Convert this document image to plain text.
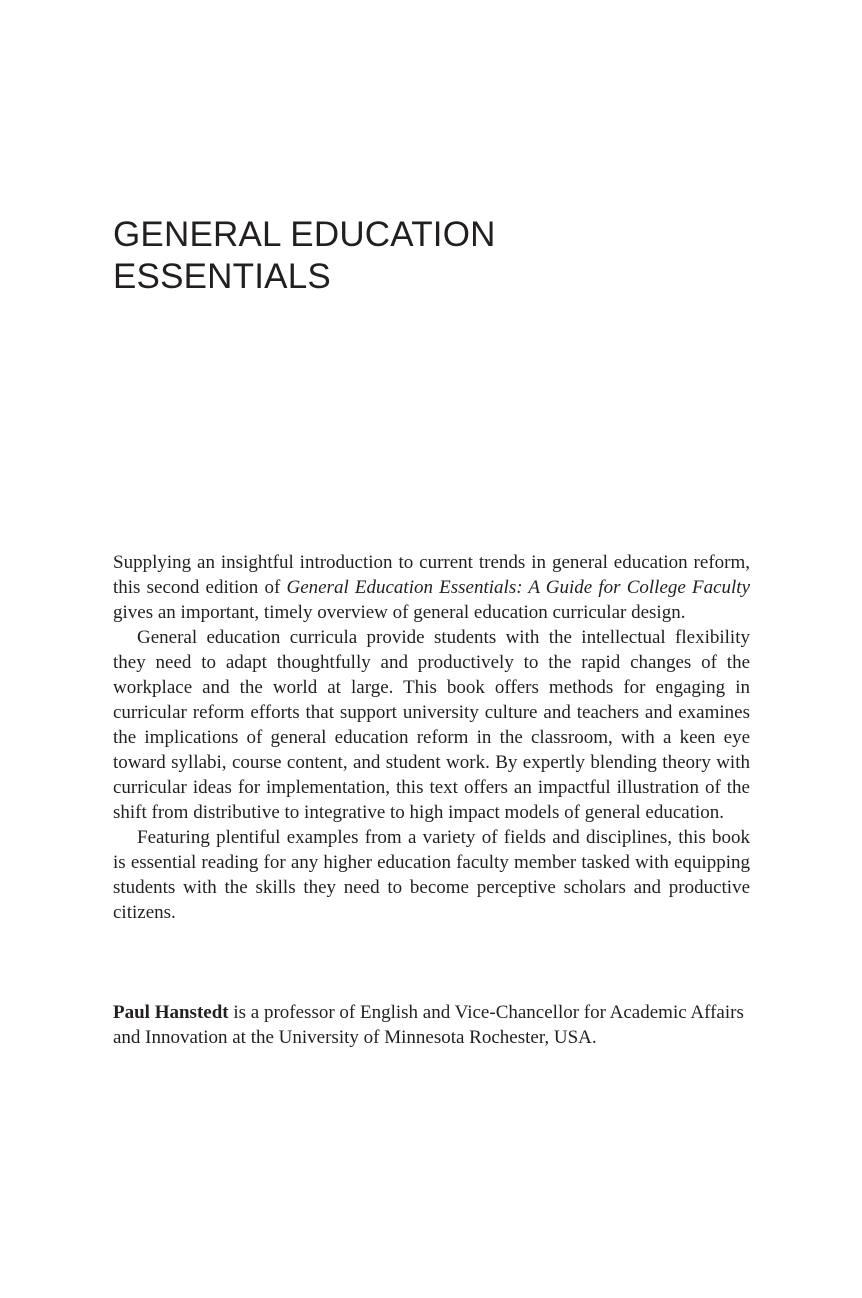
GENERAL EDUCATION
ESSENTIALS

Supplying an insightful introduction to current trends in general education reform, this second edition of General Education Essentials: A Guide for College Faculty gives an important, timely overview of general education curricular design.

General education curricula provide students with the intellectual flexibility they need to adapt thoughtfully and productively to the rapid changes of the workplace and the world at large. This book offers methods for engaging in curricular reform efforts that support university culture and teachers and examines the implications of general education reform in the classroom, with a keen eye toward syllabi, course content, and student work. By expertly blending theory with curricular ideas for implementation, this text offers an impactful illustration of the shift from distributive to integrative to high impact models of general education.

Featuring plentiful examples from a variety of fields and disciplines, this book is essential reading for any higher education faculty member tasked with equipping students with the skills they need to become perceptive scholars and productive citizens.

Paul Hanstedt is a professor of English and Vice-Chancellor for Academic Affairs and Innovation at the University of Minnesota Rochester, USA.
